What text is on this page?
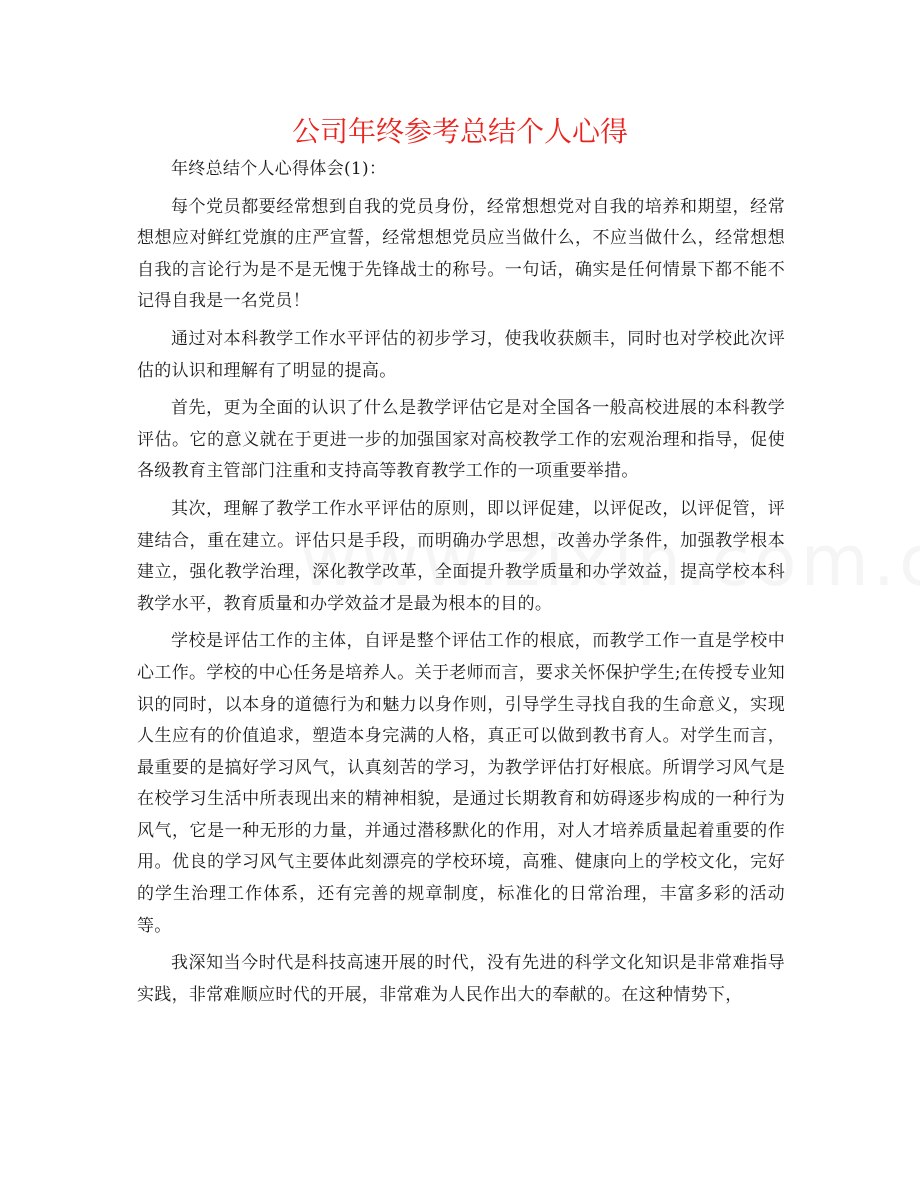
公司年终参考总结个人心得

年终总结个人心得体会(1)：

每个党员都要经常想到自我的党员身份，经常想想党对自我的培养和期望，经常想想应对鲜红党旗的庄严宣誓，经常想想党员应当做什么，不应当做什么，经常想想自我的言论行为是不是无愧于先锋战士的称号。一句话，确实是任何情景下都不能不记得自我是一名党员！

通过对本科教学工作水平评估的初步学习，使我收获颇丰，同时也对学校此次评估的认识和理解有了明显的提高。

首先，更为全面的认识了什么是教学评估它是对全国各一般高校进展的本科教学评估。它的意义就在于更进一步的加强国家对高校教学工作的宏观治理和指导，促使各级教育主管部门注重和支持高等教育教学工作的一项重要举措。

其次，理解了教学工作水平评估的原则，即以评促建，以评促改，以评促管，评建结合，重在建立。评估只是手段，而明确办学思想，改善办学条件，加强教学根本建立，强化教学治理，深化教学改革，全面提升教学质量和办学效益，提高学校本科教学水平，教育质量和办学效益才是最为根本的目的。

学校是评估工作的主体，自评是整个评估工作的根底，而教学工作一直是学校中心工作。学校的中心任务是培养人。关于老师而言，要求关怀保护学生;在传授专业知识的同时，以本身的道德行为和魅力以身作则，引导学生寻找自我的生命意义，实现人生应有的价值追求，塑造本身完满的人格，真正可以做到教书育人。对学生而言，最重要的是搞好学习风气，认真刻苦的学习，为教学评估打好根底。所谓学习风气是在校学习生活中所表现出来的精神相貌，是通过长期教育和妨碍逐步构成的一种行为风气，它是一种无形的力量，并通过潜移默化的作用，对人才培养质量起着重要的作用。优良的学习风气主要体此刻漂亮的学校环境，高雅、健康向上的学校文化，完好的学生治理工作体系，还有完善的规章制度，标准化的日常治理，丰富多彩的活动等。

我深知当今时代是科技高速开展的时代，没有先进的科学文化知识是非常难指导实践，非常难顺应时代的开展，非常难为人民作出大的奉献的。在这种情势下，
